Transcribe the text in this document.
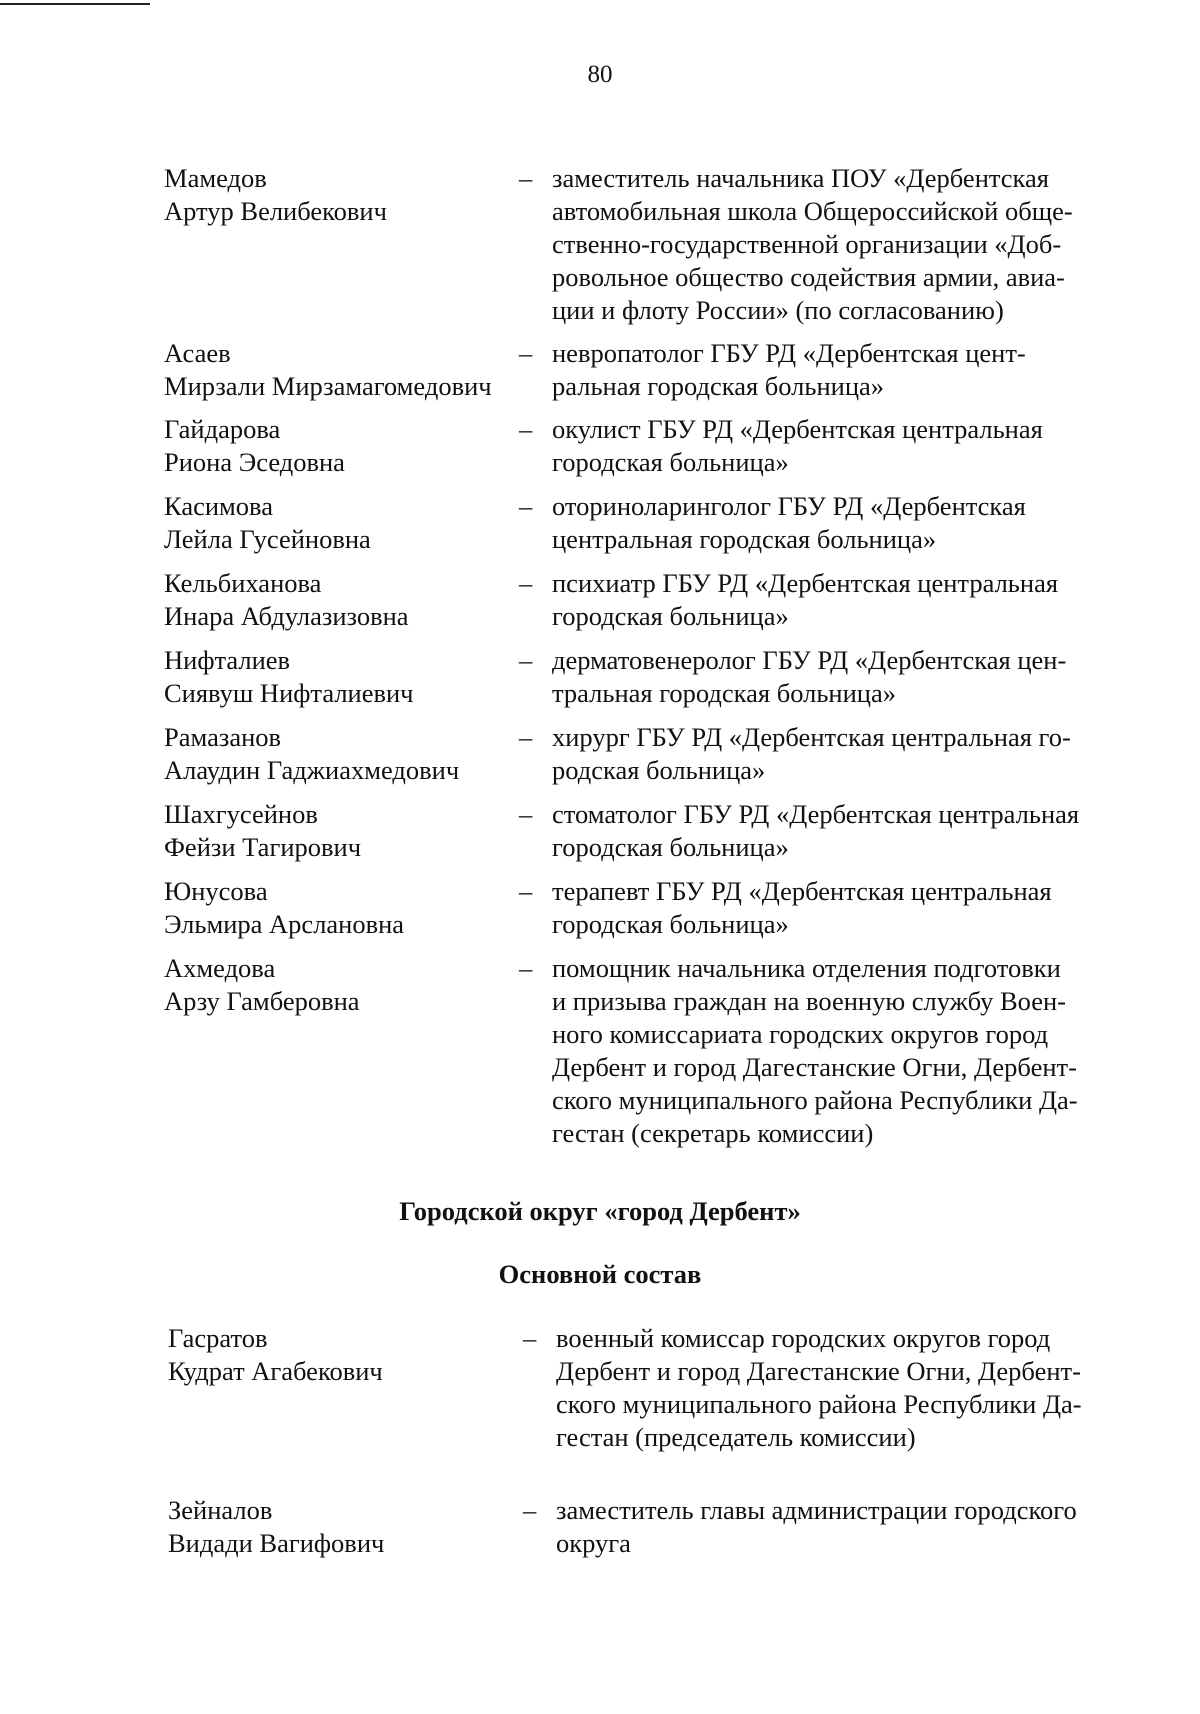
80
Мамедов
Артур Велибекович
– заместитель начальника ПОУ «Дербентская
автомобильная школа Общероссийской обще-
ственно-государственной организации «Доб-
ровольное общество содействия армии, авиа-
ции и флоту России» (по согласованию)
Асаев
Мирзали Мирзамагомедович
– невропатолог ГБУ РД «Дербентская цент-
ральная городская больница»
Гайдарова
Риона Эседовна
– окулист ГБУ РД «Дербентская центральная
городская больница»
Касимова
Лейла Гусейновна
– оториноларинголог ГБУ РД «Дербентская
центральная городская больница»
Кельбиханова
Инара Абдулазизовна
– психиатр ГБУ РД «Дербентская центральная
городская больница»
Нифталиев
Сиявуш Нифталиевич
– дерматовенеролог ГБУ РД «Дербентская цен-
тральная городская больница»
Рамазанов
Алаудин Гаджиахмедович
– хирург ГБУ РД «Дербентская центральная го-
родская больница»
Шахгусейнов
Фейзи Тагирович
– стоматолог ГБУ РД «Дербентская центральная
городская больница»
Юнусова
Эльмира Арслановна
– терапевт ГБУ РД «Дербентская центральная
городская больница»
Ахмедова
Арзу Гамберовна
– помощник начальника отделения подготовки
и призыва граждан на военную службу Воен-
ного комиссариата городских округов город
Дербент и город Дагестанские Огни, Дербент-
ского муниципального района Республики Да-
гестан (секретарь комиссии)
Городской округ «город Дербент»
Основной состав
Гасратов
Кудрат Агабекович
– военный комиссар городских округов город
Дербент и город Дагестанские Огни, Дербент-
ского муниципального района Республики Да-
гестан (председатель комиссии)
Зейналов
Видади Вагифович
– заместитель главы администрации городского
округа
